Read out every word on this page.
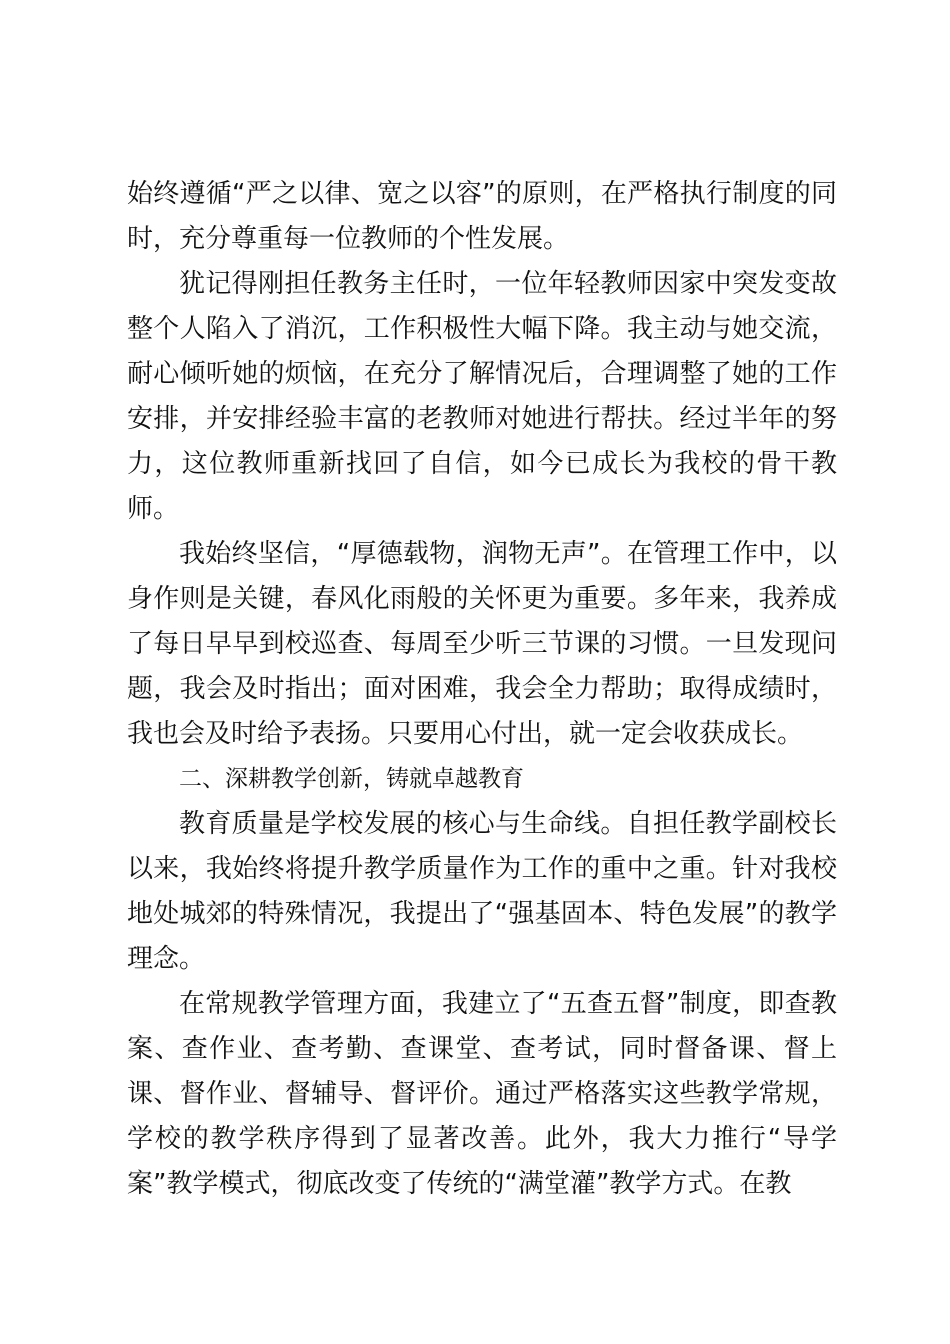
始终遵循“严之以律、宽之以容”的原则，在严格执行制度的同时，充分尊重每一位教师的个性发展。

犹记得刚担任教务主任时，一位年轻教师因家中突发变故整个人陷入了消沉，工作积极性大幅下降。我主动与她交流，耐心倾听她的烦恼，在充分了解情况后，合理调整了她的工作安排，并安排经验丰富的老教师对她进行帮扶。经过半年的努力，这位教师重新找回了自信，如今已成长为我校的骨干教师。

我始终坚信，“厚德载物，润物无声”。在管理工作中，以身作则是关键，春风化雨般的关怀更为重要。多年来，我养成了每日早早到校巡查、每周至少听三节课的习惯。一旦发现问题，我会及时指出；面对困难，我会全力帮助；取得成绩时，我也会及时给予表扬。只要用心付出，就一定会收获成长。

二、深耕教学创新，铸就卓越教育

教育质量是学校发展的核心与生命线。自担任教学副校长以来，我始终将提升教学质量作为工作的重中之重。针对我校地处城郊的特殊情况，我提出了“强基固本、特色发展”的教学理念。

在常规教学管理方面，我建立了“五查五督”制度，即查教案、查作业、查考勤、查课堂、查考试，同时督备课、督上课、督作业、督辅导、督评价。通过严格落实这些教学常规，学校的教学秩序得到了显著改善。此外，我大力推行“导学案”教学模式，彻底改变了传统的“满堂灌”教学方式。在教
